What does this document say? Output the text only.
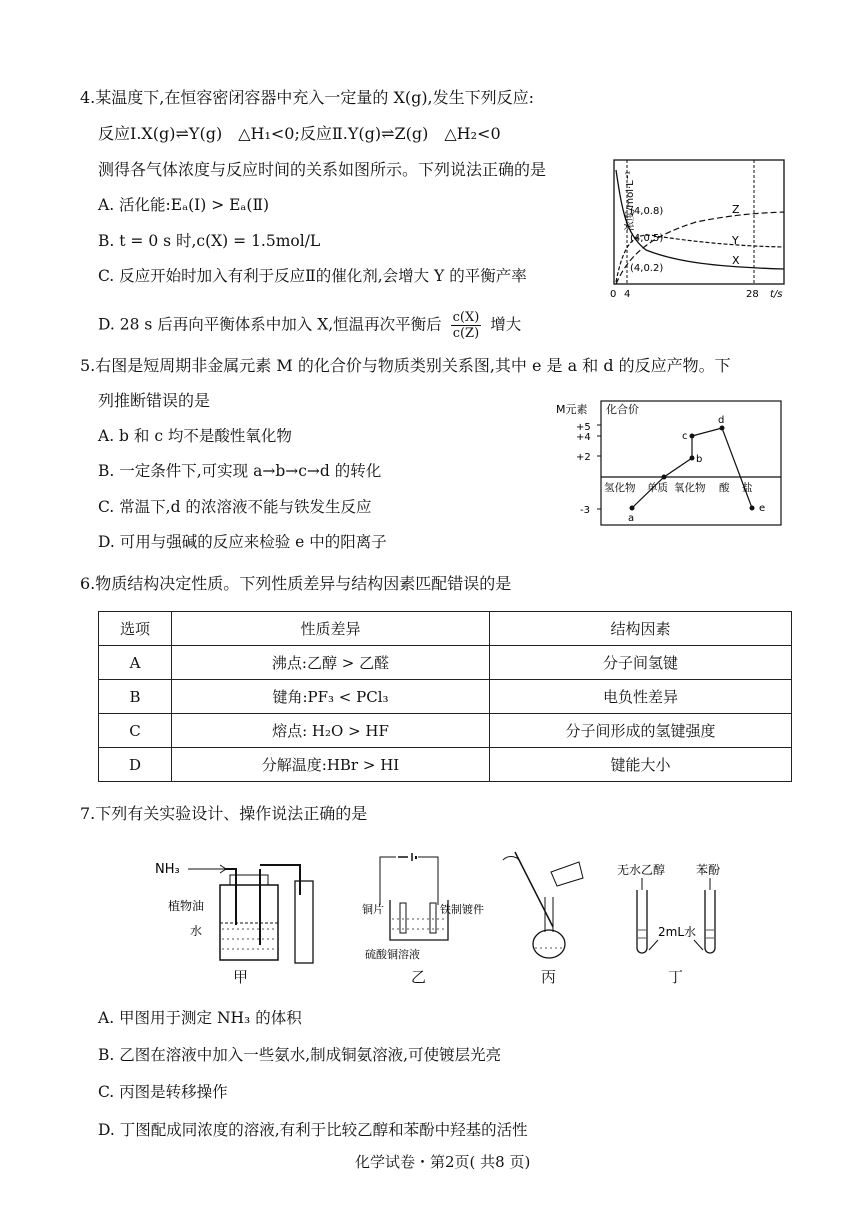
4.某温度下,在恒容密闭容器中充入一定量的 X(g),发生下列反应:
反应Ⅰ.X(g)⇌Y(g)　△H₁<0;反应Ⅱ.Y(g)⇌Z(g)　△H₂<0
测得各气体浓度与反应时间的关系如图所示。下列说法正确的是
A. 活化能:Eₐ(Ⅰ) > Eₐ(Ⅱ)
B. t = 0 s 时,c(X) = 1.5mol/L
C. 反应开始时加入有利于反应Ⅱ的催化剂,会增大 Y 的平衡产率
D. 28 s 后再向平衡体系中加入 X,恒温再次平衡后 $\frac{c(X)}{c(Z)}$ 增大
浓度/mol·L⁻¹
(4,0.8)
(4,0.5)
(4,0.2)
Z
Y
X
0 4	28 t/s
5.右图是短周期非金属元素 M 的化合价与物质类别关系图,其中 e 是 a 和 d 的反应产物。下
列推断错误的是
A. b 和 c 均不是酸性氧化物
B. 一定条件下,可实现 a→b→c→d 的转化
C. 常温下,d 的浓溶液不能与铁发生反应
D. 可用与强碱的反应来检验 e 中的阳离子
M元素 化合价
+5
+4
+2
-3
a
b
c
d
e
氢化物 单质 氧化物 酸 盐
6.物质结构决定性质。下列性质差异与结构因素匹配错误的是
选项	性质差异	结构因素
A	沸点:乙醇 > 乙醛	分子间氢键
B	键角:PF₃ < PCl₃	电负性差异
C	熔点: H₂O > HF	分子间形成的氢键强度
D	分解温度:HBr > HI	键能大小
7.下列有关实验设计、操作说法正确的是
NH₃
植物油
水
甲
铜片	铁制镀件
硫酸铜溶液
乙	丙
无水乙醇	苯酚
2mL水
丁
A. 甲图用于测定 NH₃ 的体积
B. 乙图在溶液中加入一些氨水,制成铜氨溶液,可使镀层光亮
C. 丙图是转移操作
D. 丁图配成同浓度的溶液,有利于比较乙醇和苯酚中羟基的活性
化学试卷・第2页( 共8 页)
